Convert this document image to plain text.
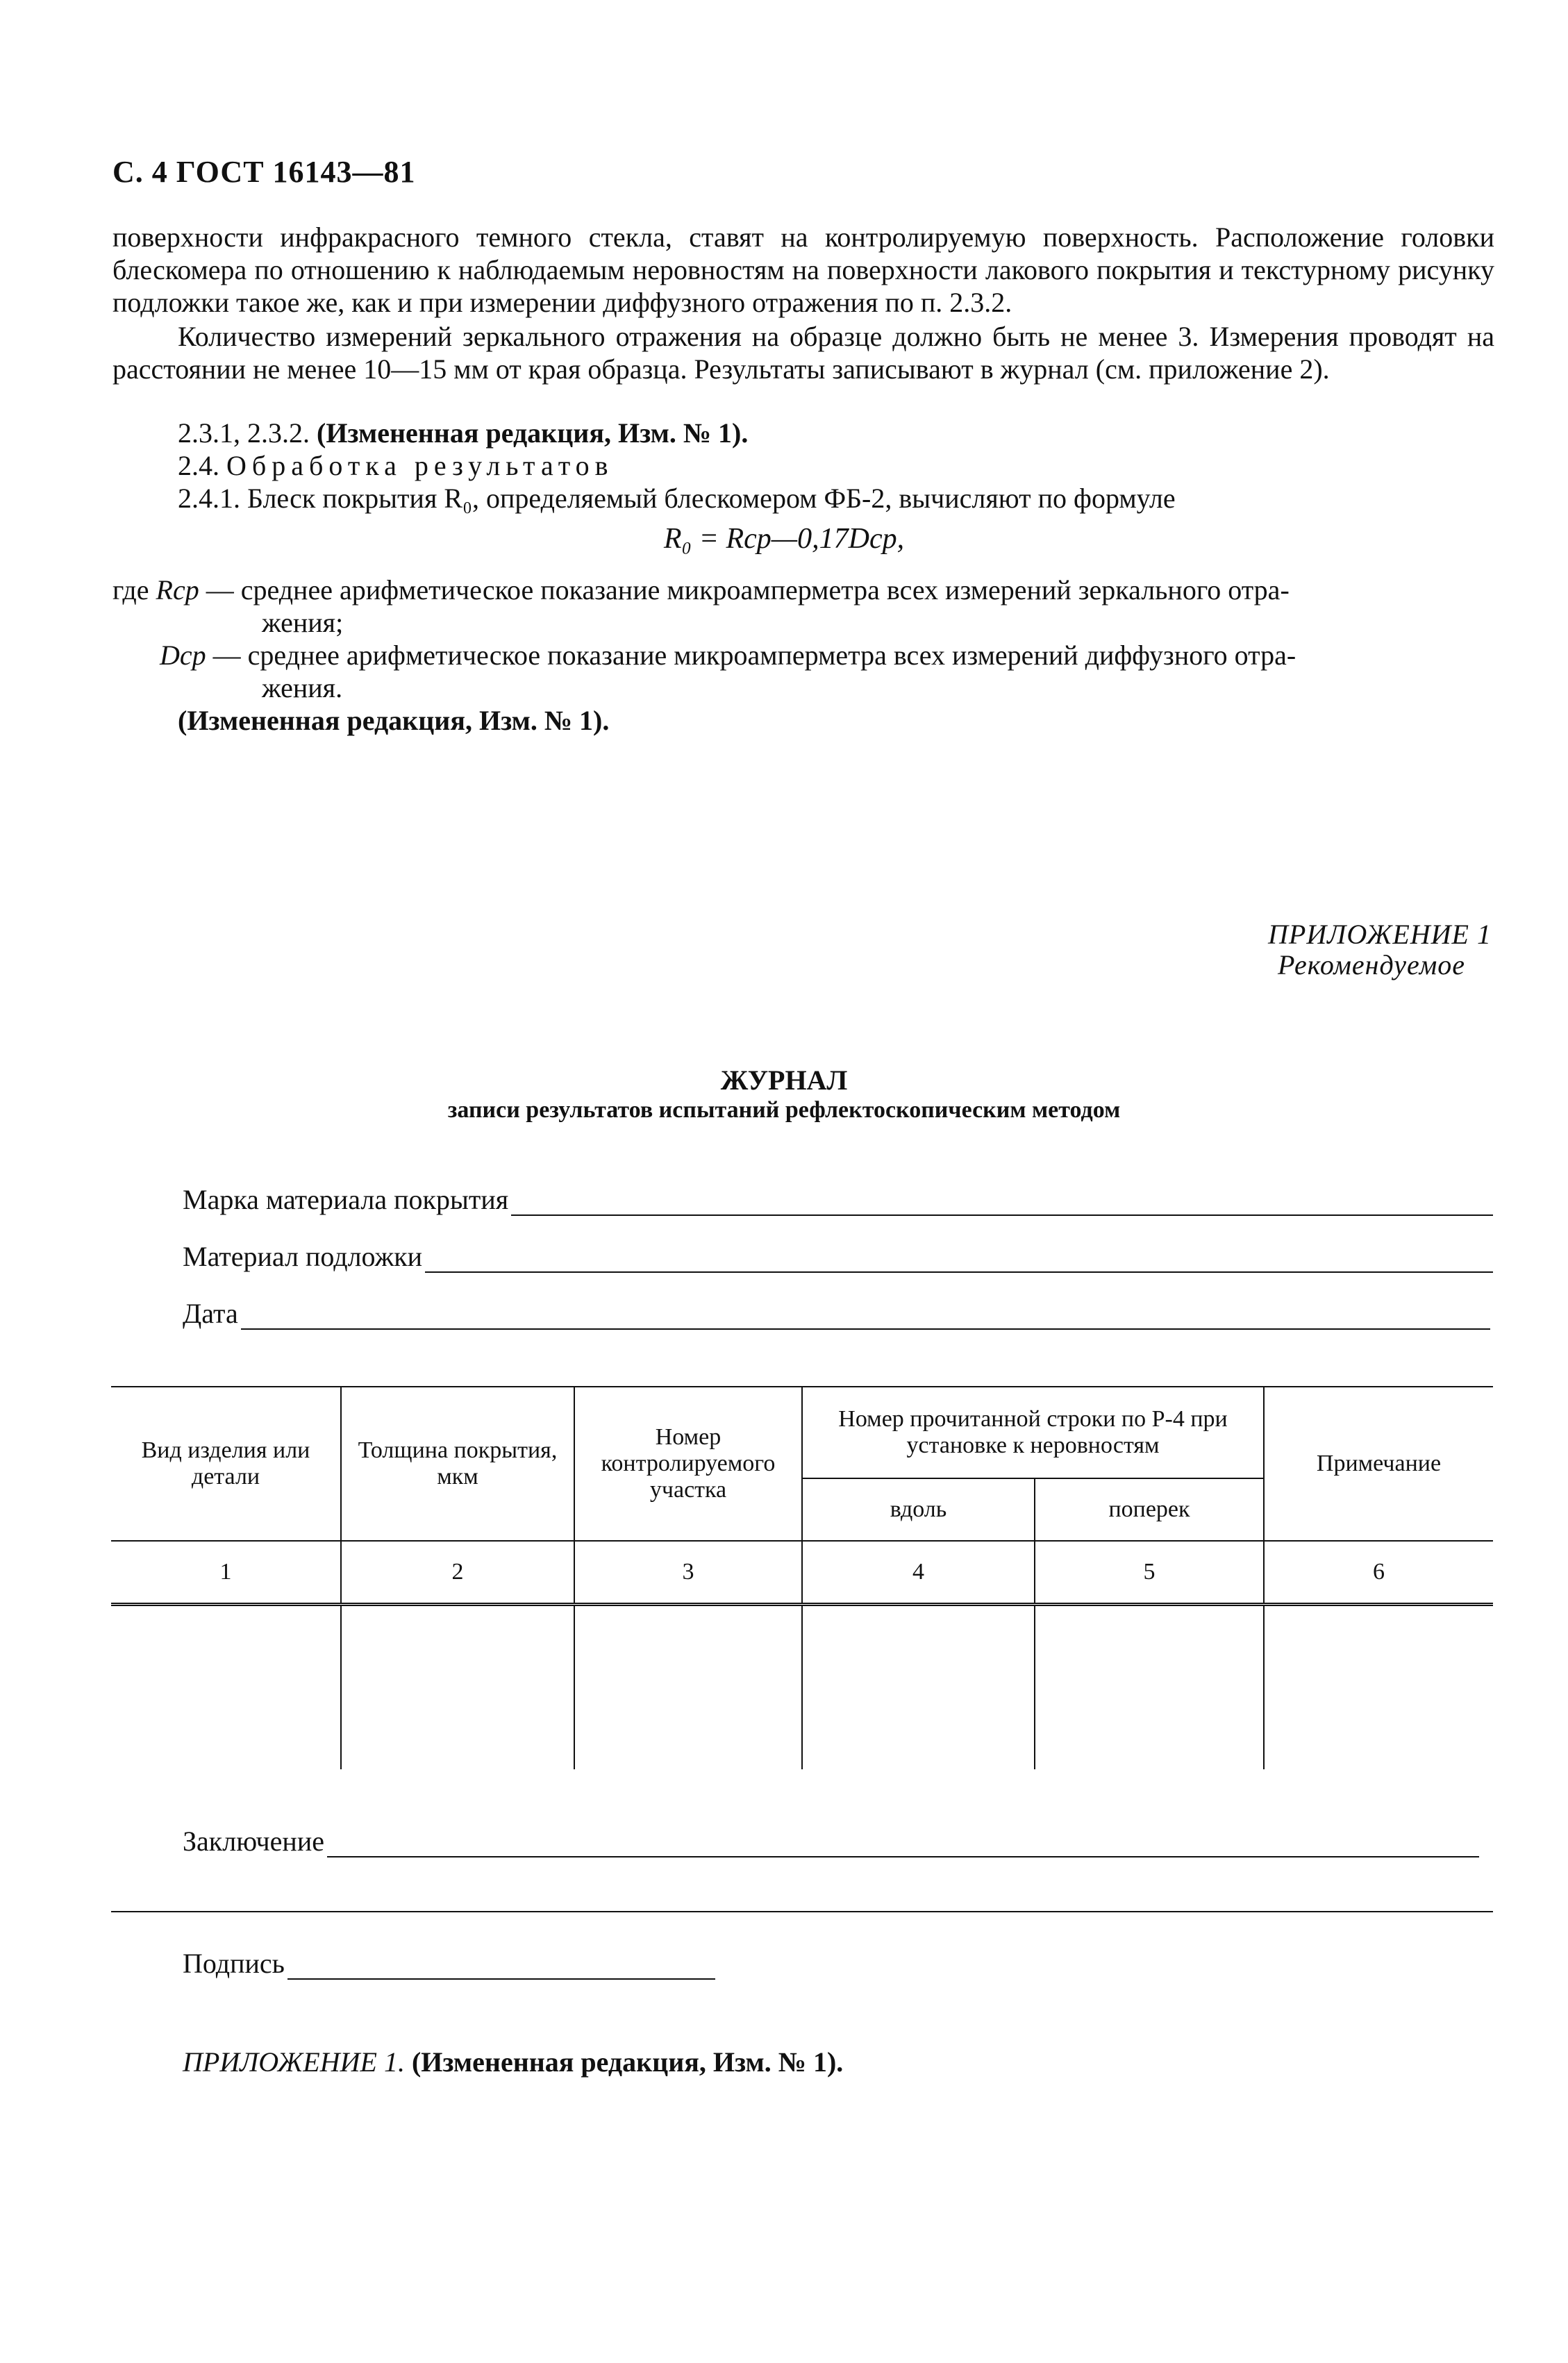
С. 4 ГОСТ 16143—81
поверхности инфракрасного темного стекла, ставят на контролируемую поверхность. Расположение головки блескомера по отношению к наблюдаемым неровностям на поверхности лакового покрытия и текстурному рисунку подложки такое же, как и при измерении диффузного отражения по п. 2.3.2.
Количество измерений зеркального отражения на образце должно быть не менее 3. Измерения проводят на расстоянии не менее 10—15 мм от края образца. Результаты записывают в журнал (см. приложение 2).
2.3.1, 2.3.2. (Измененная редакция, Изм. № 1).
2.4. Обработка результатов
2.4.1. Блеск покрытия R₀, определяемый блескомером ФБ-2, вычисляют по формуле
R₀ = Rср—0,17Dср,
где Rср — среднее арифметическое показание микроамперметра всех измерений зеркального отра-
жения;
Dср — среднее арифметическое показание микроамперметра всех измерений диффузного отра-
жения.
(Измененная редакция, Изм. № 1).
ПРИЛОЖЕНИЕ 1
Рекомендуемое
ЖУРНАЛ
записи результатов испытаний рефлектоскопическим методом
Марка материала покрытия
Материал подложки
Дата
Вид изделия или детали	Толщина покрытия, мкм	Номер контролируемого участка	Номер прочитанной строки по Р-4 при установке к неровностям		Примечание
			вдоль	поперек	
1	2	3	4	5	6

Заключение
Подпись
ПРИЛОЖЕНИЕ 1. (Измененная редакция, Изм. № 1).
